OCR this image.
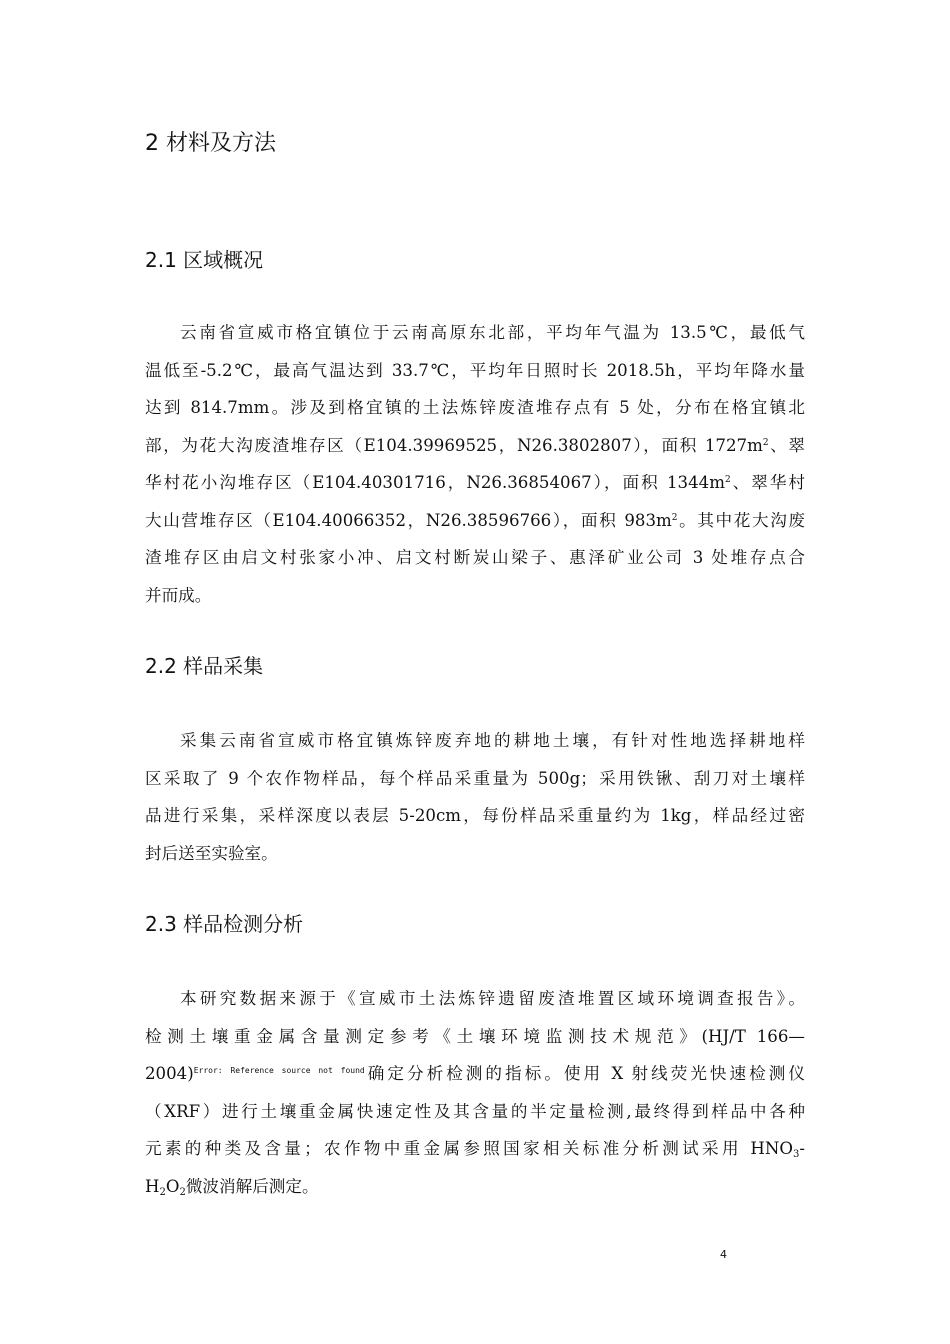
2 材料及方法
2.1 区域概况
云南省宣威市格宜镇位于云南高原东北部，平均年气温为 13.5℃，最低气
温低至-5.2℃，最高气温达到 33.7℃，平均年日照时长 2018.5h，平均年降水量
达到 814.7mm。涉及到格宜镇的土法炼锌废渣堆存点有 5 处，分布在格宜镇北
部，为花大沟废渣堆存区（E104.39969525，N26.3802807），面积 $1727m^2$、翠
华村花小沟堆存区（E104.40301716，N26.36854067），面积 $1344m^2$、翠华村
大山营堆存区（E104.40066352，N26.38596766），面积 $983m^2$。其中花大沟废
渣堆存区由启文村张家小冲、启文村断炭山梁子、惠泽矿业公司 3 处堆存点合
并而成。
2.2 样品采集
采集云南省宣威市格宜镇炼锌废弃地的耕地土壤，有针对性地选择耕地样
区采取了 9 个农作物样品，每个样品采重量为 500g；采用铁锹、刮刀对土壤样
品进行采集，采样深度以表层 5-20cm，每份样品采重量约为 1kg，样品经过密
封后送至实验室。
2.3 样品检测分析
本研究数据来源于《宣威市土法炼锌遗留废渣堆置区域环境调查报告》。
检测土壤重金属含量测定参考《土壤环境监测技术规范》(HJ/T 166—
2004)$^{Error: Reference source not found}$确定分析检测的指标。使用 X 射线荧光快速检测仪
（XRF）进行土壤重金属快速定性及其含量的半定量检测,最终得到样品中各种
元素的种类及含量；农作物中重金属参照国家相关标准分析测试采用 $HNO_3-$
$H_2O_2$微波消解后测定。
4
